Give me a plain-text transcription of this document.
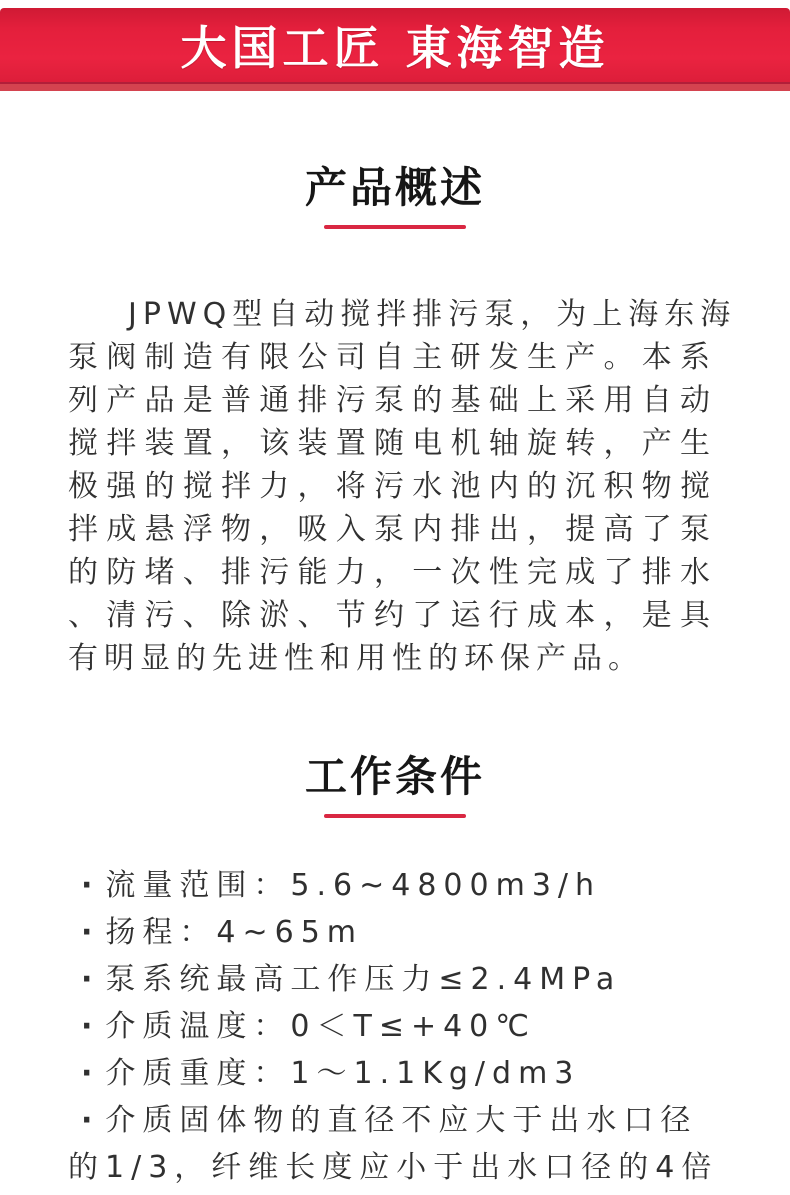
大国工匠 東海智造
产品概述
JPWQ型自动搅拌排污泵，为上海东海
泵阀制造有限公司自主研发生产。本系
列产品是普通排污泵的基础上采用自动
搅拌装置，该装置随电机轴旋转，产生
极强的搅拌力，将污水池内的沉积物搅
拌成悬浮物，吸入泵内排出，提高了泵
的防堵、排污能力，一次性完成了排水
、清污、除淤、节约了运行成本，是具
有明显的先进性和用性的环保产品。
工作条件
· 流量范围：5.6~4800m3/h
· 扬程：4~65m
· 泵系统最高工作压力≤2.4MPa
· 介质温度：0＜T≤+40℃
· 介质重度：1～1.1Kg/dm3
· 介质固体物的直径不应大于出水口径的1/3，纤维长度应小于出水口径的4倍
